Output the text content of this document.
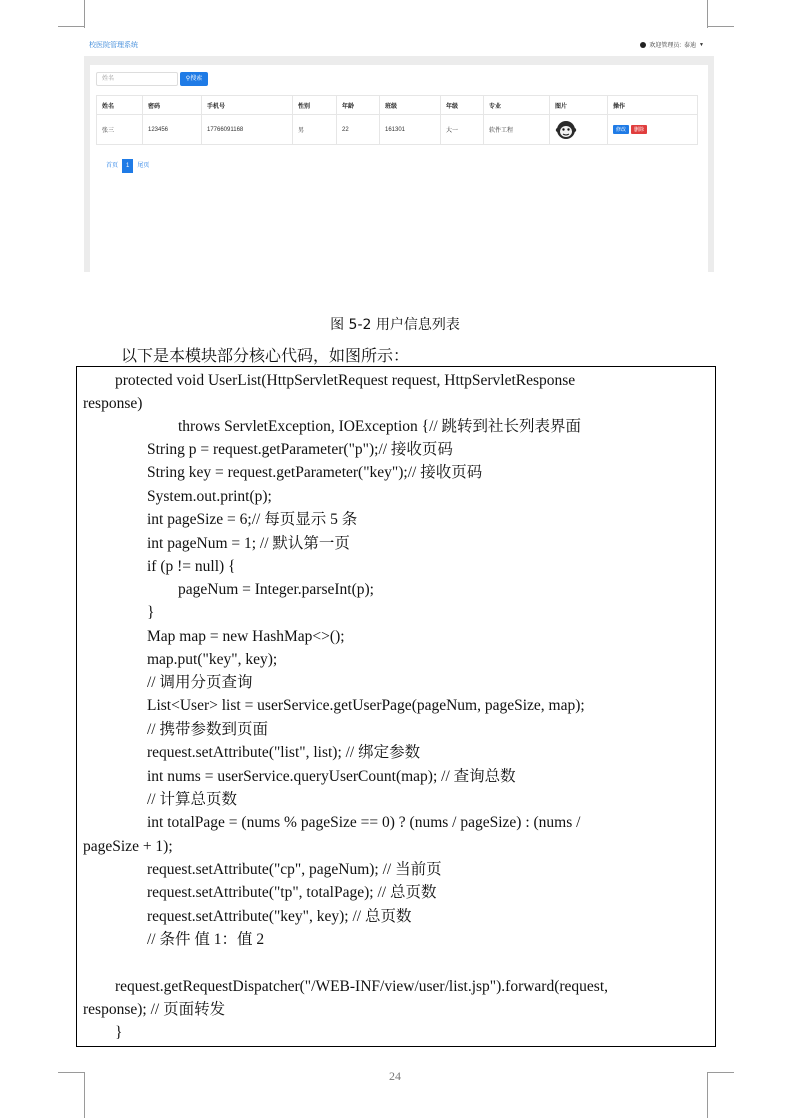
校医院管理系统	欢迎管理员: 泰迪 ▼
姓名	⚲搜索
姓名	密码	手机号	性别	年龄	班级	年级	专业	图片	操作
张三	123456	17766091168	男	22	161301	大一	软件工程		修改 删除
首页	1	尾页
图 5-2 用户信息列表
以下是本模块部分核心代码，如图所示：
protected void UserList(HttpServletRequest request, HttpServletResponse
response)
throws ServletException, IOException {// 跳转到社长列表界面
String p = request.getParameter("p");// 接收页码
String key = request.getParameter("key");// 接收页码
System.out.print(p);
int pageSize = 6;// 每页显示 5 条
int pageNum = 1; // 默认第一页
if (p != null) {
pageNum = Integer.parseInt(p);
}
Map map = new HashMap<>();
map.put("key", key);
// 调用分页查询
List<User> list = userService.getUserPage(pageNum, pageSize, map);
// 携带参数到页面
request.setAttribute("list", list); // 绑定参数
int nums = userService.queryUserCount(map); // 查询总数
// 计算总页数
int totalPage = (nums % pageSize == 0) ? (nums / pageSize) : (nums /
pageSize + 1);
request.setAttribute("cp", pageNum); // 当前页
request.setAttribute("tp", totalPage); // 总页数
request.setAttribute("key", key); // 总页数
// 条件 值 1：值 2
request.getRequestDispatcher("/WEB-INF/view/user/list.jsp").forward(request,
response); // 页面转发
}
24
